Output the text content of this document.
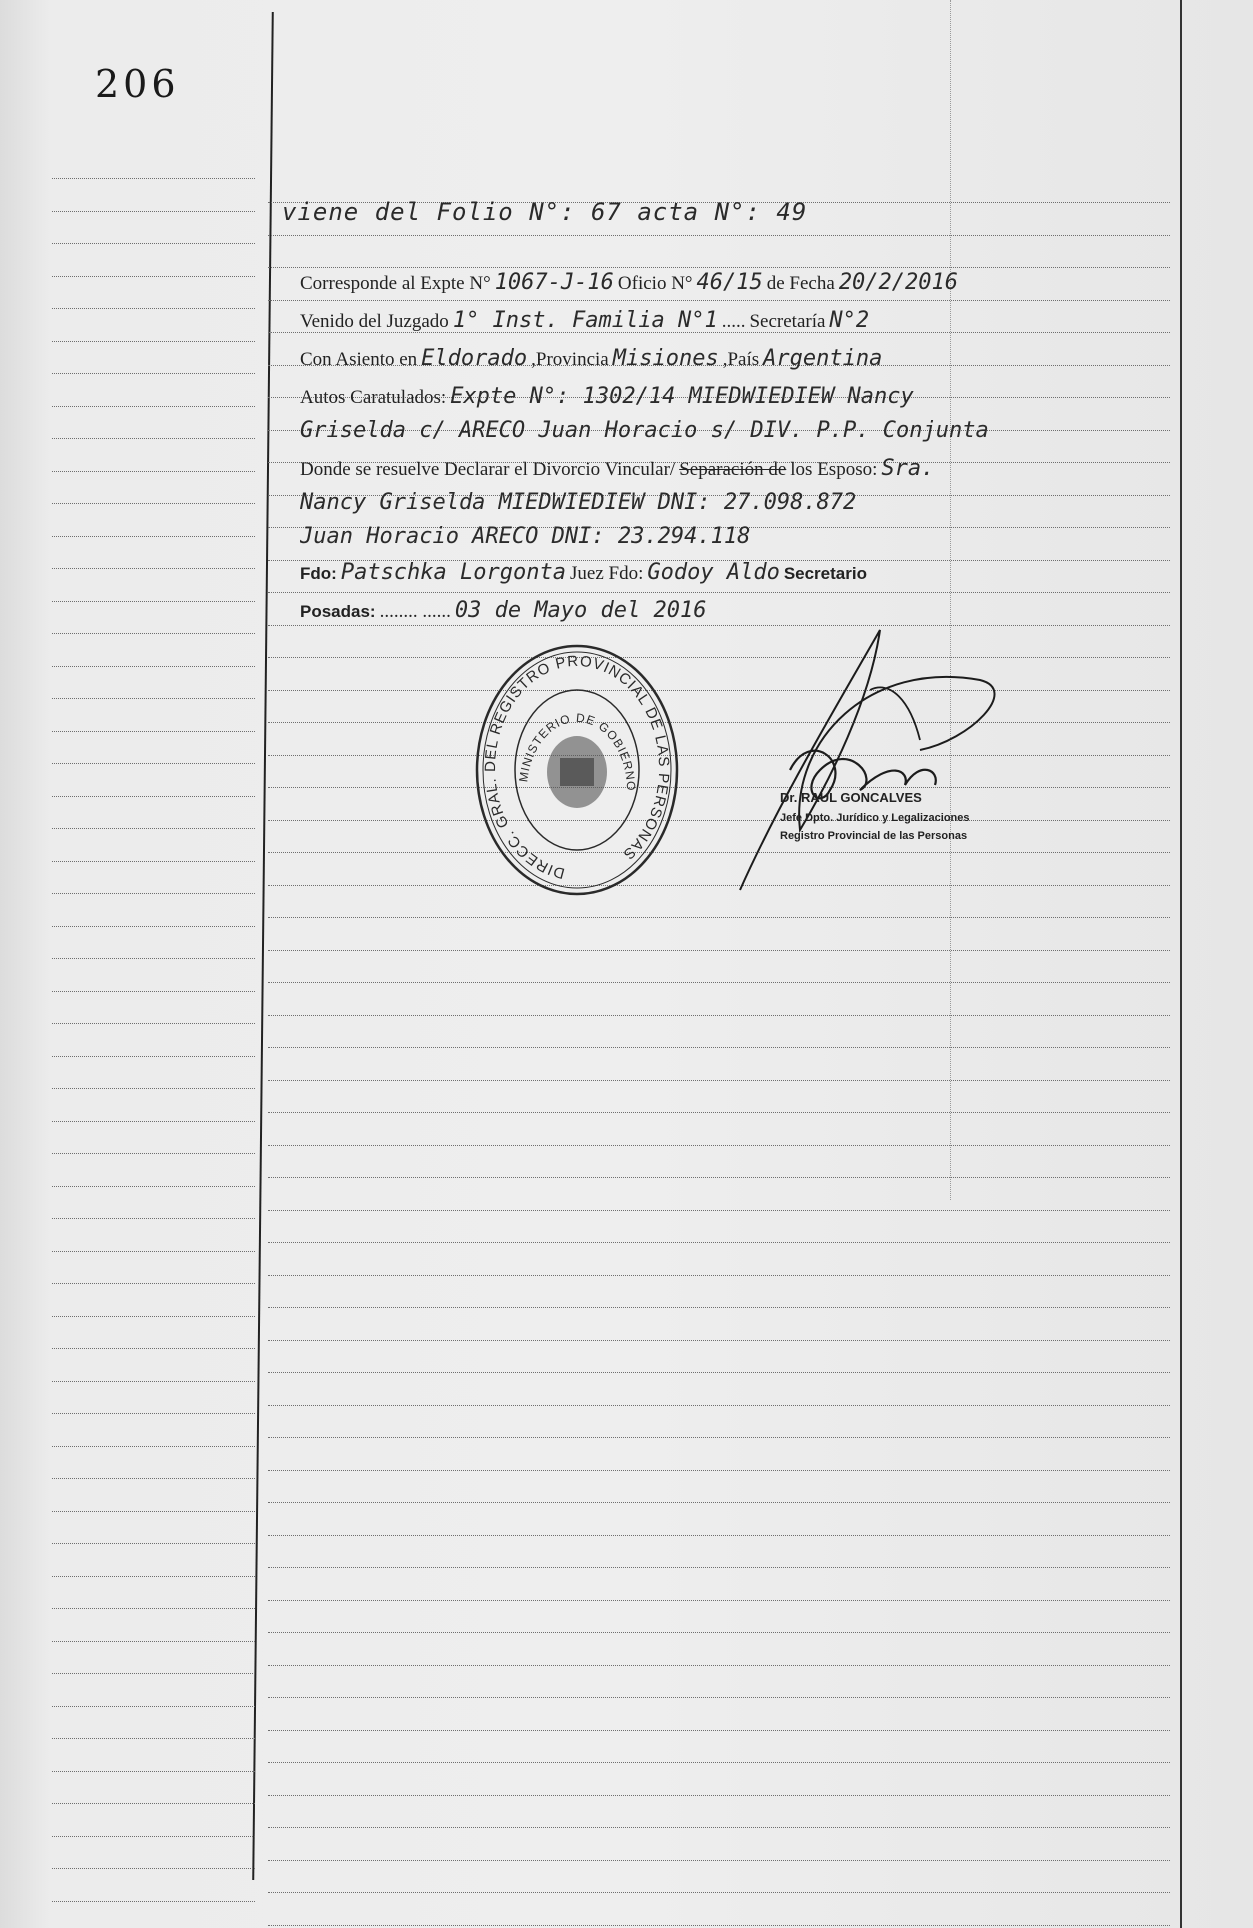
206
viene del Folio N°: 67 acta N°: 49
Corresponde al Expte N° 1067-J-16 Oficio N° 46/15 de Fecha 20/2/2016
Venido del Juzgado 1° Inst. Familia N°1 ..... Secretaría N°2
Con Asiento en Eldorado ,Provincia Misiones ,País Argentina
Autos Caratulados: Expte N°: 1302/14 MIEDWIEDIEW Nancy
Griselda c/ ARECO Juan Horacio s/ DIV. P.P. Conjunta
Donde se resuelve Declarar el Divorcio Vincular/ Separación de los Esposo: Sra.
Nancy Griselda MIEDWIEDIEW DNI: 27.098.872
Juan Horacio ARECO DNI: 23.294.118
Fdo: Patschka Lorgonta Juez Fdo: Godoy Aldo Secretario
Posadas: ........ ...... 03 de Mayo del 2016
DIRECC. GRAL. DEL REGISTRO PROVINCIAL DE LAS PERSONAS
MINISTERIO DE GOBIERNO
Dr. RAUL GONCALVES
Jefe Dpto. Jurídico y Legalizaciones
Registro Provincial de las Personas
